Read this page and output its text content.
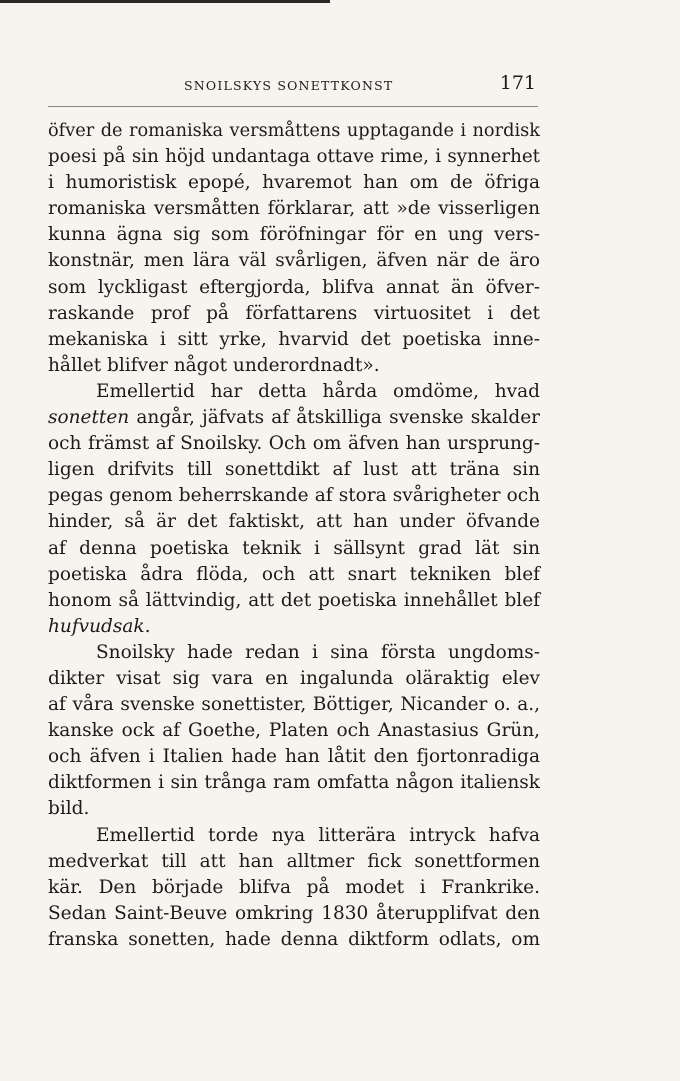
SNOILSKYS SONETTKONST	171
öfver de romaniska versmåttens upptagande i nordisk
poesi på sin höjd undantaga ottave rime, i synnerhet
i humoristisk epopé, hvaremot han om de öfriga
romaniska versmåtten förklarar, att »de visserligen
kunna ägna sig som föröfningar för en ung vers-
konstnär, men lära väl svårligen, äfven när de äro
som lyckligast eftergjorda, blifva annat än öfver-
raskande prof på författarens virtuositet i det
mekaniska i sitt yrke, hvarvid det poetiska inne-
hållet blifver något underordnadt».
Emellertid har detta hårda omdöme, hvad
sonetten angår, jäfvats af åtskilliga svenske skalder
och främst af Snoilsky. Och om äfven han ursprung-
ligen drifvits till sonettdikt af lust att träna sin
pegas genom beherrskande af stora svårigheter och
hinder, så är det faktiskt, att han under öfvande
af denna poetiska teknik i sällsynt grad lät sin
poetiska ådra flöda, och att snart tekniken blef
honom så lättvindig, att det poetiska innehållet blef
hufvudsak.
Snoilsky hade redan i sina första ungdoms-
dikter visat sig vara en ingalunda oläraktig elev
af våra svenske sonettister, Böttiger, Nicander o. a.,
kanske ock af Goethe, Platen och Anastasius Grün,
och äfven i Italien hade han låtit den fjortonradiga
diktformen i sin trånga ram omfatta någon italiensk
bild.
Emellertid torde nya litterära intryck hafva
medverkat till att han alltmer fick sonettformen
kär. Den började blifva på modet i Frankrike.
Sedan Saint-Beuve omkring 1830 återupplifvat den
franska sonetten, hade denna diktform odlats, om
